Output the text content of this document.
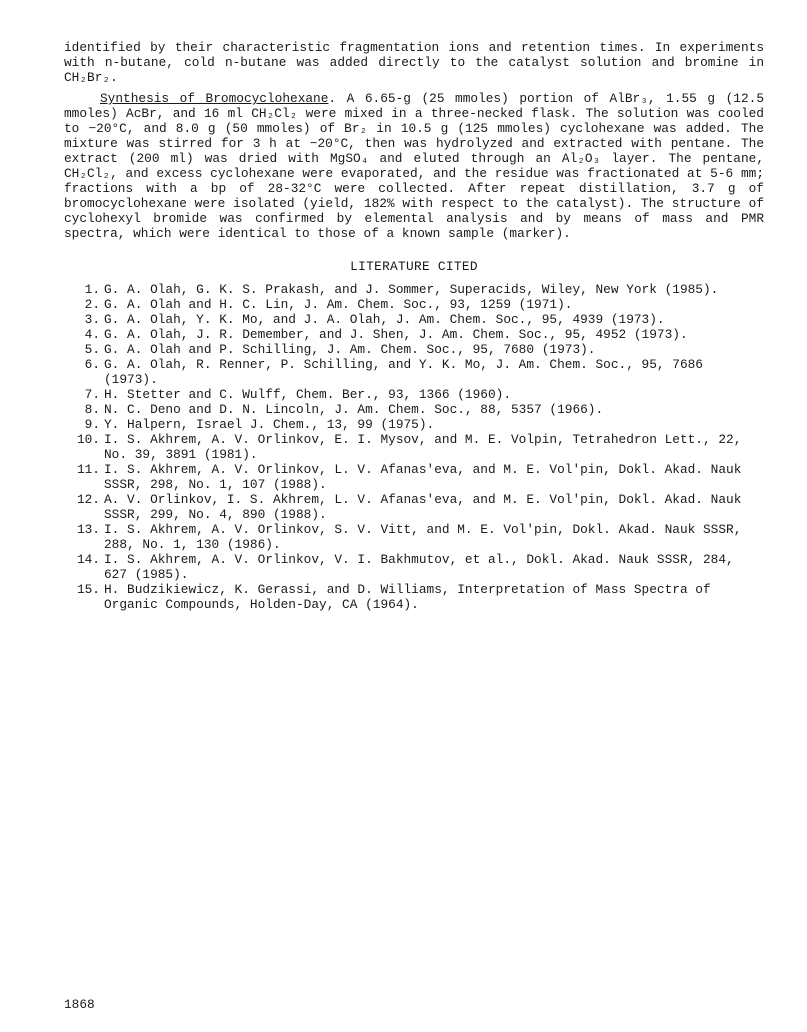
identified by their characteristic fragmentation ions and retention times. In experiments with n-butane, cold n-butane was added directly to the catalyst solution and bromine in CH₂Br₂.

Synthesis of Bromocyclohexane. A 6.65-g (25 mmoles) portion of AlBr₃, 1.55 g (12.5 mmoles) AcBr, and 16 ml CH₂Cl₂ were mixed in a three-necked flask. The solution was cooled to −20°C, and 8.0 g (50 mmoles) of Br₂ in 10.5 g (125 mmoles) cyclohexane was added. The mixture was stirred for 3 h at −20°C, then was hydrolyzed and extracted with pentane. The extract (200 ml) was dried with MgSO₄ and eluted through an Al₂O₃ layer. The pentane, CH₂Cl₂, and excess cyclohexane were evaporated, and the residue was fractionated at 5-6 mm; fractions with a bp of 28-32°C were collected. After repeat distillation, 3.7 g of bromocyclohexane were isolated (yield, 182% with respect to the catalyst). The structure of cyclohexyl bromide was confirmed by elemental analysis and by means of mass and PMR spectra, which were identical to those of a known sample (marker).

LITERATURE CITED
1. G. A. Olah, G. K. S. Prakash, and J. Sommer, Superacids, Wiley, New York (1985).
2. G. A. Olah and H. C. Lin, J. Am. Chem. Soc., 93, 1259 (1971).
3. G. A. Olah, Y. K. Mo, and J. A. Olah, J. Am. Chem. Soc., 95, 4939 (1973).
4. G. A. Olah, J. R. Demember, and J. Shen, J. Am. Chem. Soc., 95, 4952 (1973).
5. G. A. Olah and P. Schilling, J. Am. Chem. Soc., 95, 7680 (1973).
6. G. A. Olah, R. Renner, P. Schilling, and Y. K. Mo, J. Am. Chem. Soc., 95, 7686 (1973).
7. H. Stetter and C. Wulff, Chem. Ber., 93, 1366 (1960).
8. N. C. Deno and D. N. Lincoln, J. Am. Chem. Soc., 88, 5357 (1966).
9. Y. Halpern, Israel J. Chem., 13, 99 (1975).
10. I. S. Akhrem, A. V. Orlinkov, E. I. Mysov, and M. E. Volpin, Tetrahedron Lett., 22, No. 39, 3891 (1981).
11. I. S. Akhrem, A. V. Orlinkov, L. V. Afanas'eva, and M. E. Vol'pin, Dokl. Akad. Nauk SSSR, 298, No. 1, 107 (1988).
12. A. V. Orlinkov, I. S. Akhrem, L. V. Afanas'eva, and M. E. Vol'pin, Dokl. Akad. Nauk SSSR, 299, No. 4, 890 (1988).
13. I. S. Akhrem, A. V. Orlinkov, S. V. Vitt, and M. E. Vol'pin, Dokl. Akad. Nauk SSSR, 288, No. 1, 130 (1986).
14. I. S. Akhrem, A. V. Orlinkov, V. I. Bakhmutov, et al., Dokl. Akad. Nauk SSSR, 284, 627 (1985).
15. H. Budzikiewicz, K. Gerassi, and D. Williams, Interpretation of Mass Spectra of Organic Compounds, Holden-Day, CA (1964).
1868
